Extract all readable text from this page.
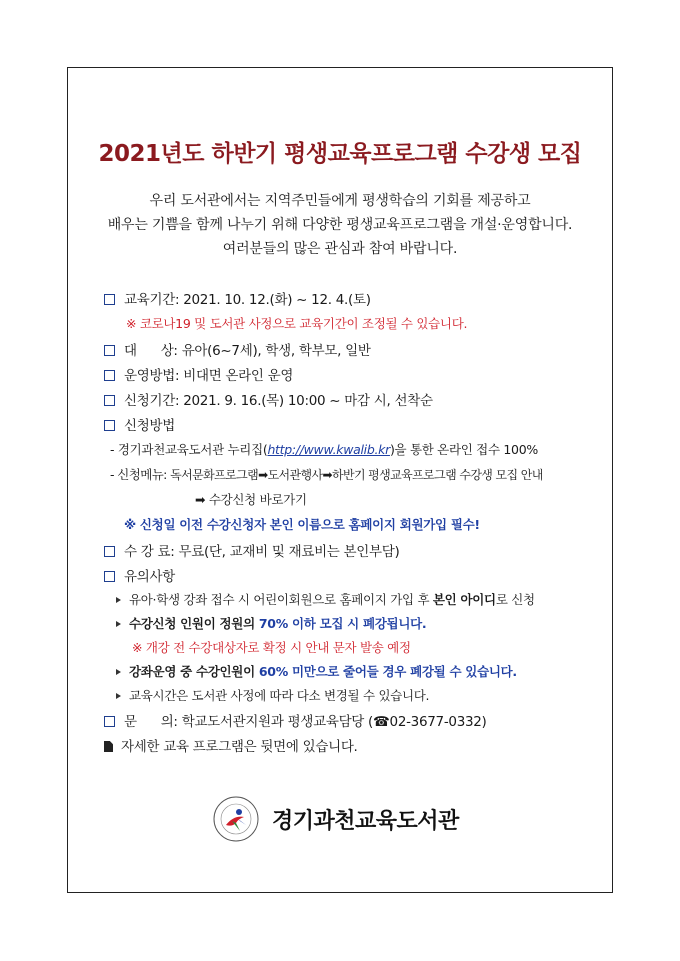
2021년도 하반기 평생교육프로그램 수강생 모집
우리 도서관에서는 지역주민들에게 평생학습의 기회를 제공하고
배우는 기쁨을 함께 나누기 위해 다양한 평생교육프로그램을 개설·운영합니다.
여러분들의 많은 관심과 참여 바랍니다.
교육기간: 2021. 10. 12.(화) ~ 12. 4.(토)
※ 코로나19 및 도서관 사정으로 교육기간이 조정될 수 있습니다.
대      상: 유아(6~7세), 학생, 학부모, 일반
운영방법: 비대면 온라인 운영
신청기간: 2021. 9. 16.(목) 10:00 ~ 마감 시, 선착순
신청방법
- 경기과천교육도서관 누리집(http://www.kwalib.kr)을 통한 온라인 접수 100%
- 신청메뉴: 독서문화프로그램➡도서관행사➡하반기 평생교육프로그램 수강생 모집 안내
➡ 수강신청 바로가기
※ 신청일 이전 수강신청자 본인 이름으로 홈페이지 회원가입 필수!
수 강 료: 무료(단, 교재비 및 재료비는 본인부담)
유의사항
유아·학생 강좌 접수 시 어린이회원으로 홈페이지 가입 후 본인 아이디로 신청
수강신청 인원이 정원의 70% 이하 모집 시 폐강됩니다.
※ 개강 전 수강대상자로 확정 시 안내 문자 발송 예정
강좌운영 중 수강인원이 60% 미만으로 줄어들 경우 폐강될 수 있습니다.
교육시간은 도서관 사정에 따라 다소 변경될 수 있습니다.
문      의: 학교도서관지원과 평생교육담당 (☎02-3677-0332)
자세한 교육 프로그램은 뒷면에 있습니다.
경기과천교육도서관
